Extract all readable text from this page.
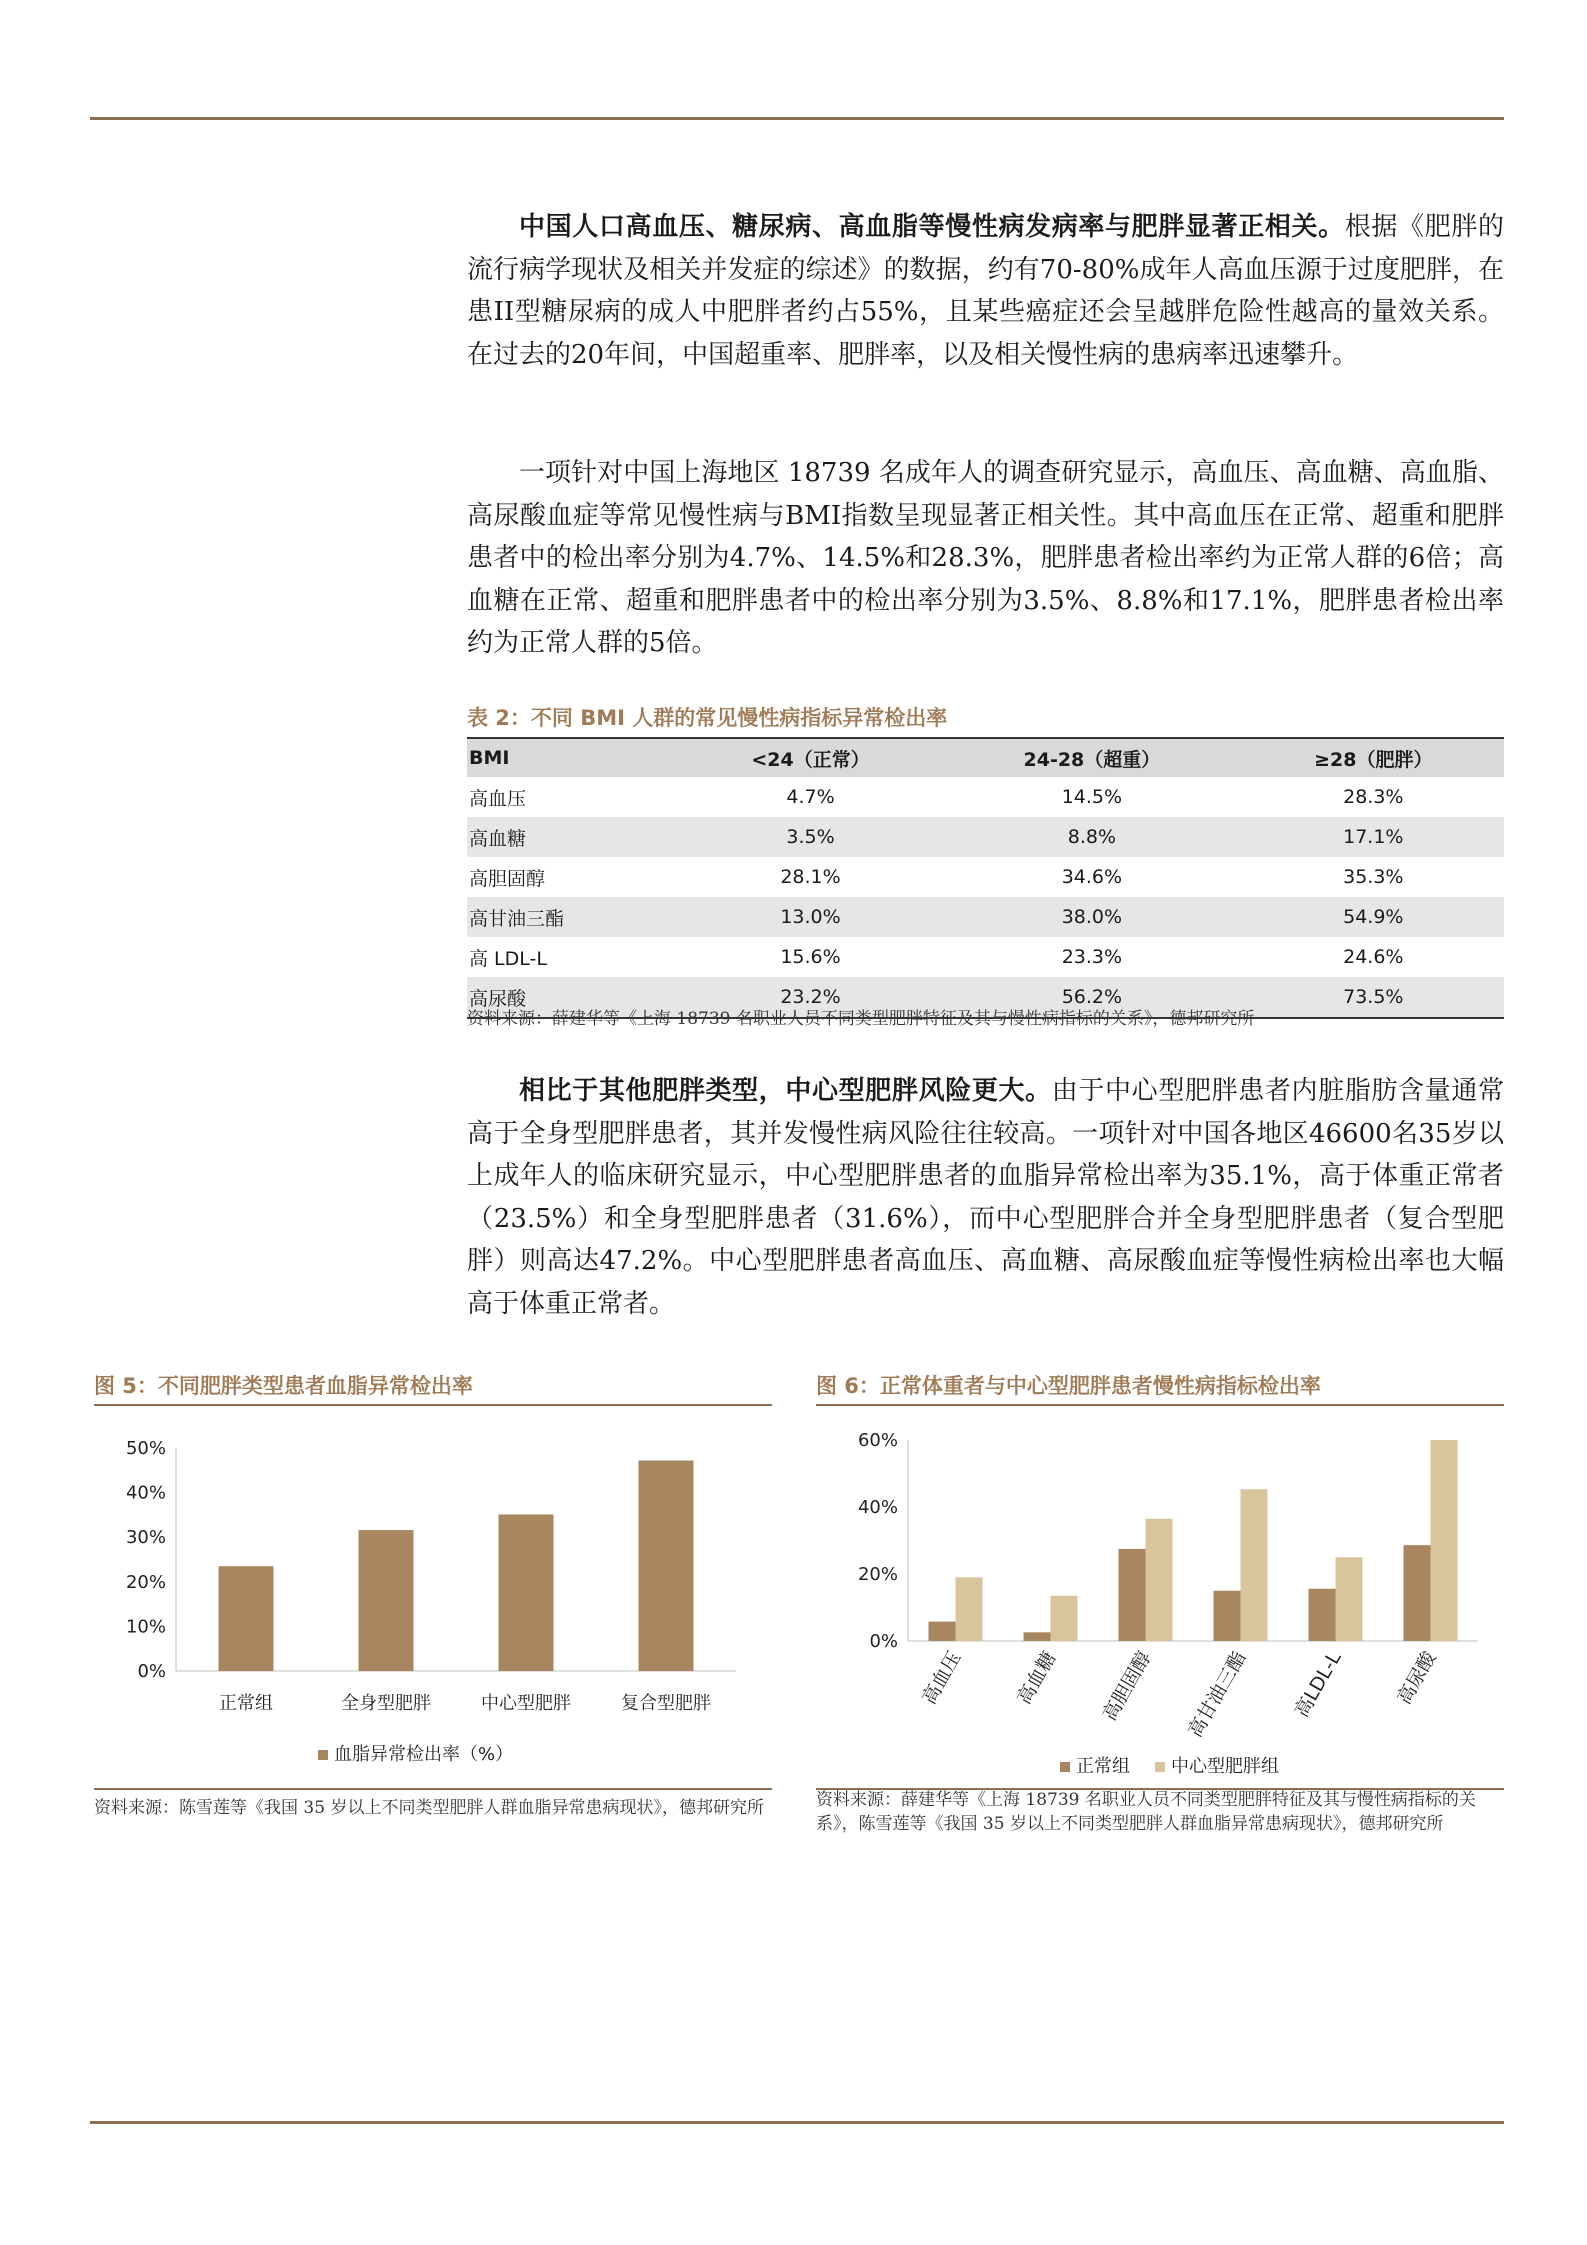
中国人口高血压、糖尿病、高血脂等慢性病发病率与肥胖显著正相关。根据《肥胖的流行病学现状及相关并发症的综述》的数据，约有70-80%成年人高血压源于过度肥胖，在患II型糖尿病的成人中肥胖者约占55%，且某些癌症还会呈越胖危险性越高的量效关系。在过去的20年间，中国超重率、肥胖率，以及相关慢性病的患病率迅速攀升。

一项针对中国上海地区 18739 名成年人的调查研究显示，高血压、高血糖、高血脂、高尿酸血症等常见慢性病与BMI指数呈现显著正相关性。其中高血压在正常、超重和肥胖患者中的检出率分别为4.7%、14.5%和28.3%，肥胖患者检出率约为正常人群的6倍；高血糖在正常、超重和肥胖患者中的检出率分别为3.5%、8.8%和17.1%，肥胖患者检出率约为正常人群的5倍。

表 2：不同 BMI 人群的常见慢性病指标异常检出率
BMI	<24（正常）	24-28（超重）	≥28（肥胖）
高血压	4.7%	14.5%	28.3%
高血糖	3.5%	8.8%	17.1%
高胆固醇	28.1%	34.6%	35.3%
高甘油三酯	13.0%	38.0%	54.9%
高 LDL-L	15.6%	23.3%	24.6%
高尿酸	23.2%	56.2%	73.5%
资料来源：薛建华等《上海 18739 名职业人员不同类型肥胖特征及其与慢性病指标的关系》，德邦研究所

相比于其他肥胖类型，中心型肥胖风险更大。由于中心型肥胖患者内脏脂肪含量通常高于全身型肥胖患者，其并发慢性病风险往往较高。一项针对中国各地区46600名35岁以上成年人的临床研究显示，中心型肥胖患者的血脂异常检出率为35.1%，高于体重正常者（23.5%）和全身型肥胖患者（31.6%），而中心型肥胖合并全身型肥胖患者（复合型肥胖）则高达47.2%。中心型肥胖患者高血压、高血糖、高尿酸血症等慢性病检出率也大幅高于体重正常者。

图 5：不同肥胖类型患者血脂异常检出率
0%
10%
20%
30%
40%
50%
正常组	全身型肥胖	中心型肥胖	复合型肥胖
血脂异常检出率（%）
资料来源：陈雪莲等《我国 35 岁以上不同类型肥胖人群血脂异常患病现状》，德邦研究所
图 6：正常体重者与中心型肥胖患者慢性病指标检出率
0%
20%
40%
60%
高血压 高血糖 高胆固醇 高甘油三酯 高LDL-L 高尿酸
正常组 中心型肥胖组
资料来源：薛建华等《上海 18739 名职业人员不同类型肥胖特征及其与慢性病指标的关系》，陈雪莲等《我国 35 岁以上不同类型肥胖人群血脂异常患病现状》，德邦研究所
